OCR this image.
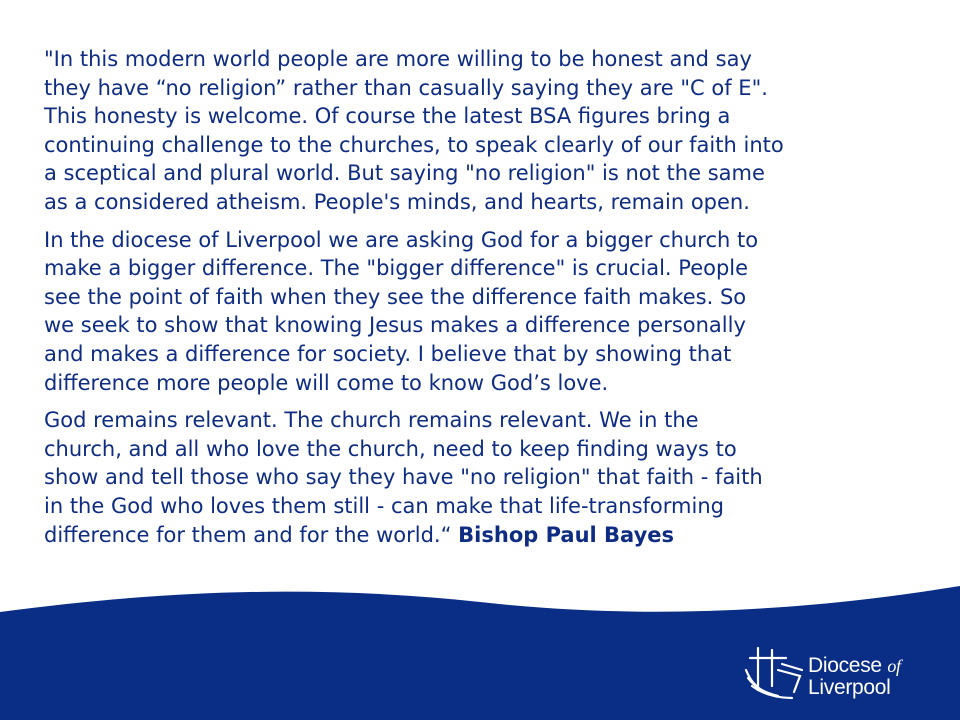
"In this modern world people are more willing to be honest and say
they have “no religion” rather than casually saying they are "C of E".
This honesty is welcome. Of course the latest BSA figures bring a
continuing challenge to the churches, to speak clearly of our faith into
a sceptical and plural world. But saying "no religion" is not the same
as a considered atheism. People's minds, and hearts, remain open.

In the diocese of Liverpool we are asking God for a bigger church to
make a bigger difference. The "bigger difference" is crucial. People
see the point of faith when they see the difference faith makes. So
we seek to show that knowing Jesus makes a difference personally
and makes a difference for society. I believe that by showing that
difference more people will come to know God’s love.

God remains relevant. The church remains relevant. We in the
church, and all who love the church, need to keep finding ways to
show and tell those who say they have "no religion" that faith - faith
in the God who loves them still - can make that life-transforming
difference for them and for the world.“ Bishop Paul Bayes

Diocese of
Liverpool
